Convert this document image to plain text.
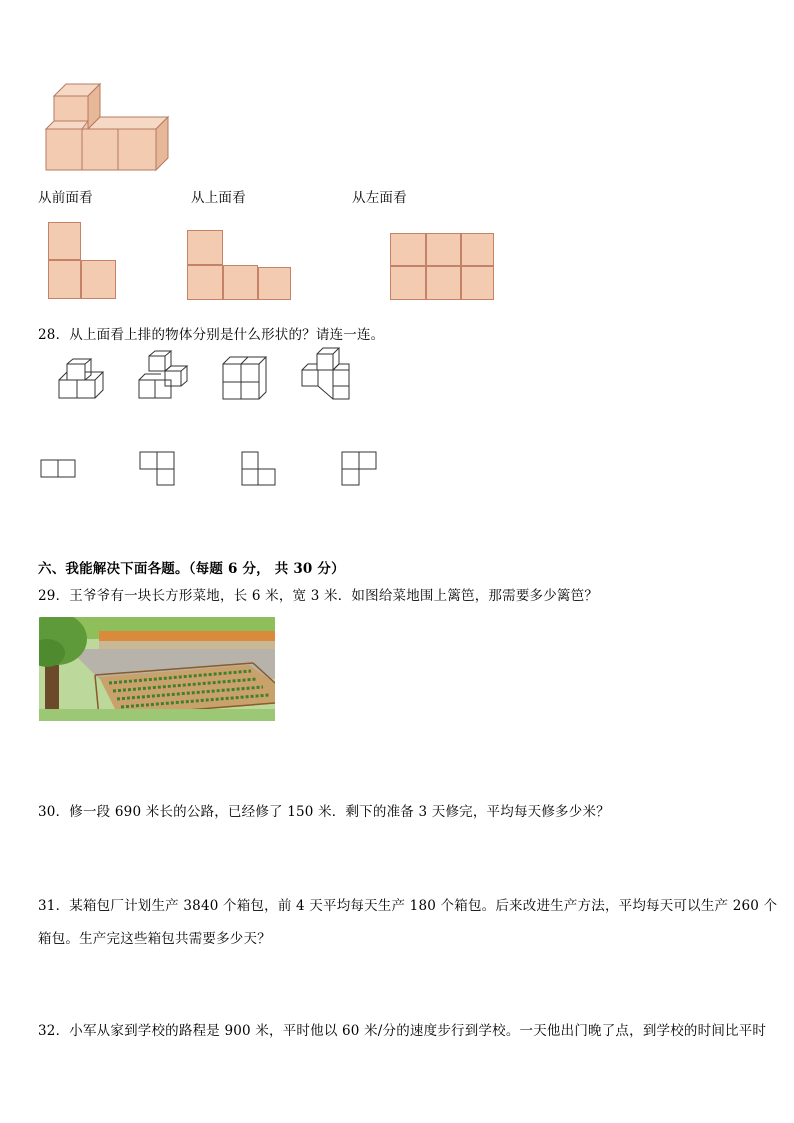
从前面看	从上面看	从左面看
28．从上面看上排的物体分别是什么形状的？请连一连。
六、我能解决下面各题。（每题 6 分， 共 30 分）
29．王爷爷有一块长方形菜地，长 6 米，宽 3 米．如图给菜地围上篱笆，那需要多少篱笆？
30．修一段 690 米长的公路，已经修了 150 米．剩下的准备 3 天修完，平均每天修多少米？
31．某箱包厂计划生产 3840 个箱包，前 4 天平均每天生产 180 个箱包。后来改进生产方法，平均每天可以生产 260 个
箱包。生产完这些箱包共需要多少天？
32．小军从家到学校的路程是 900 米，平时他以 60 米/分的速度步行到学校。一天他出门晚了点，到学校的时间比平时
